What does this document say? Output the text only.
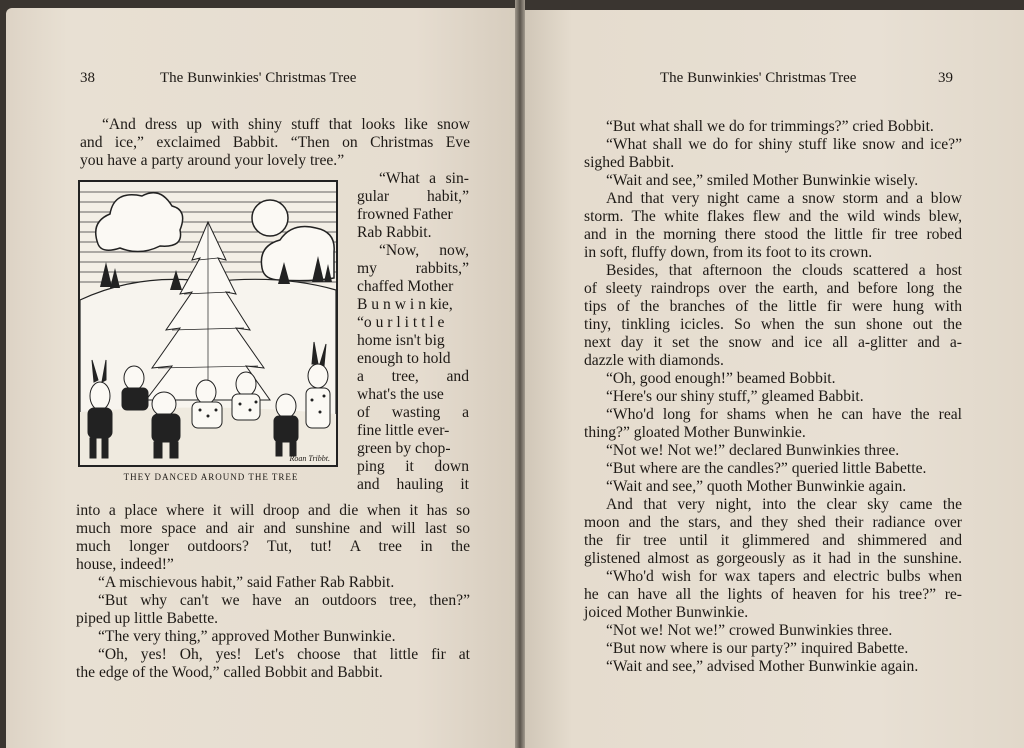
38	The Bunwinkies' Christmas Tree	The Bunwinkies' Christmas Tree	39

“And dress up with shiny stuff that looks like snow

and ice,” exclaimed Babbit. “Then on Christmas Eve

you have a party around your lovely tree.”

Roan Tribbt.
THEY DANCED AROUND THE TREE

“What a sin-

gular habit,”

frowned Father

Rab Rabbit.

“Now, now,

my rabbits,”

chaffed Mother

B u n w i n kie,

“o u r l i t t l e

home isn't big

enough to hold

a tree, and

what's the use

of wasting a

fine little ever-

green by chop-

ping it down

and hauling it

into a place where it will droop and die when it has so

much more space and air and sunshine and will last so

much longer outdoors? Tut, tut! A tree in the

house, indeed!”

“A mischievous habit,” said Father Rab Rabbit.

“But why can't we have an outdoors tree, then?”

piped up little Babette.

“The very thing,” approved Mother Bunwinkie.

“Oh, yes! Oh, yes! Let's choose that little fir at

the edge of the Wood,” called Bobbit and Babbit.

“But what shall we do for trimmings?” cried Bobbit.

“What shall we do for shiny stuff like snow and ice?”

sighed Babbit.

“Wait and see,” smiled Mother Bunwinkie wisely.

And that very night came a snow storm and a blow

storm. The white flakes flew and the wild winds blew,

and in the morning there stood the little fir tree robed

in soft, fluffy down, from its foot to its crown.

Besides, that afternoon the clouds scattered a host

of sleety raindrops over the earth, and before long the

tips of the branches of the little fir were hung with

tiny, tinkling icicles. So when the sun shone out the

next day it set the snow and ice all a-glitter and a-

dazzle with diamonds.

“Oh, good enough!” beamed Bobbit.

“Here's our shiny stuff,” gleamed Babbit.

“Who'd long for shams when he can have the real

thing?” gloated Mother Bunwinkie.

“Not we! Not we!” declared Bunwinkies three.

“But where are the candles?” queried little Babette.

“Wait and see,” quoth Mother Bunwinkie again.

And that very night, into the clear sky came the

moon and the stars, and they shed their radiance over

the fir tree until it glimmered and shimmered and

glistened almost as gorgeously as it had in the sunshine.

“Who'd wish for wax tapers and electric bulbs when

he can have all the lights of heaven for his tree?” re-

joiced Mother Bunwinkie.

“Not we! Not we!” crowed Bunwinkies three.

“But now where is our party?” inquired Babette.

“Wait and see,” advised Mother Bunwinkie again.
